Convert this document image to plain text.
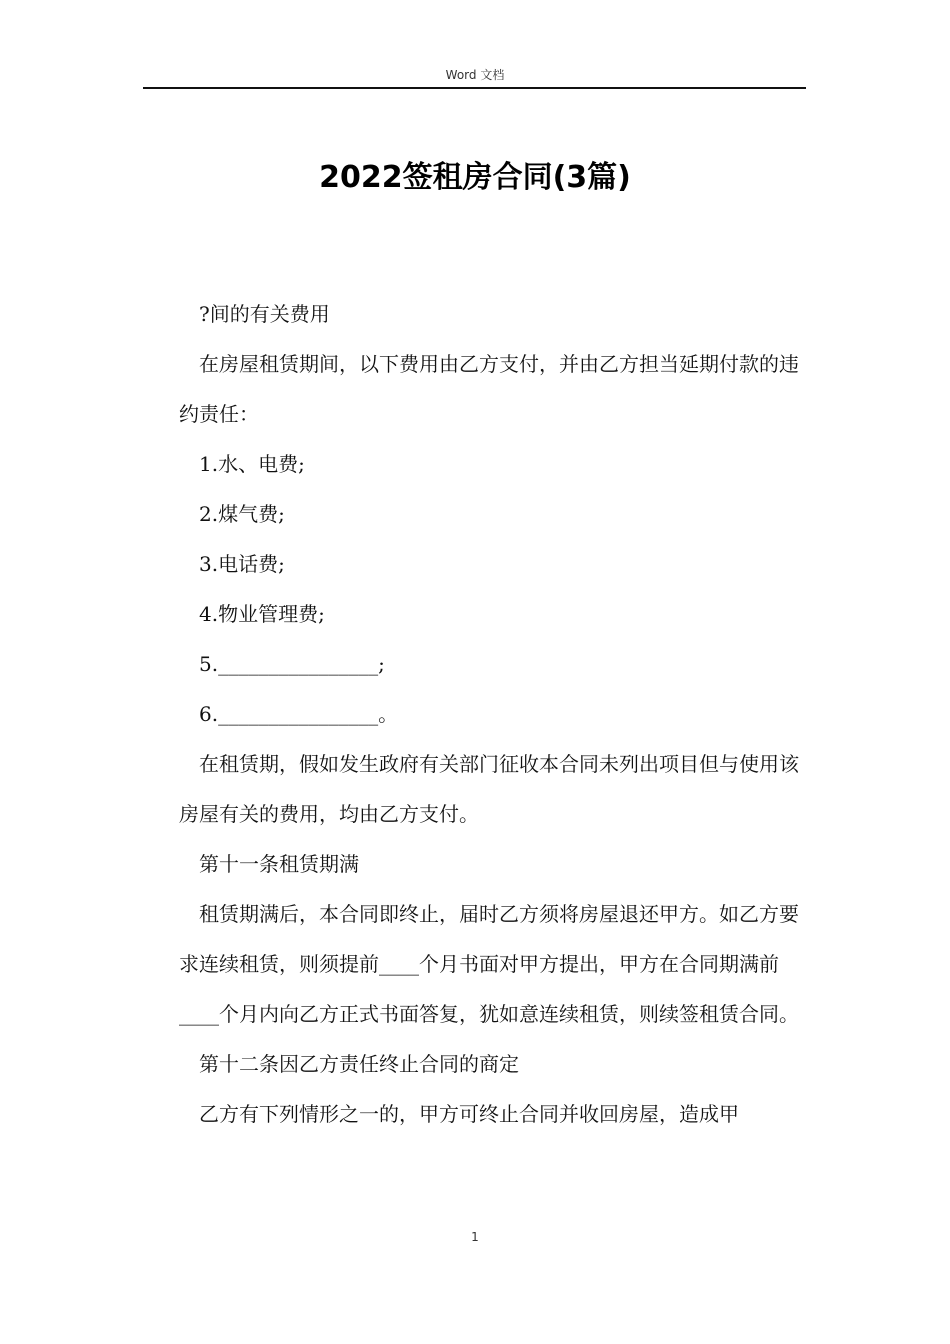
Word 文档
2022签租房合同(3篇)

?间的有关费用

在房屋租赁期间，以下费用由乙方支付，并由乙方担当延期付款的违约责任：

1.水、电费;

2.煤气费;

3.电话费;

4.物业管理费;

5.________________;

6.________________。

在租赁期，假如发生政府有关部门征收本合同未列出项目但与使用该房屋有关的费用，均由乙方支付。

第十一条租赁期满

租赁期满后，本合同即终止，届时乙方须将房屋退还甲方。如乙方要求连续租赁，则须提前____个月书面对甲方提出，甲方在合同期满前____个月内向乙方正式书面答复，犹如意连续租赁，则续签租赁合同。

第十二条因乙方责任终止合同的商定

乙方有下列情形之一的，甲方可终止合同并收回房屋，造成甲

1
